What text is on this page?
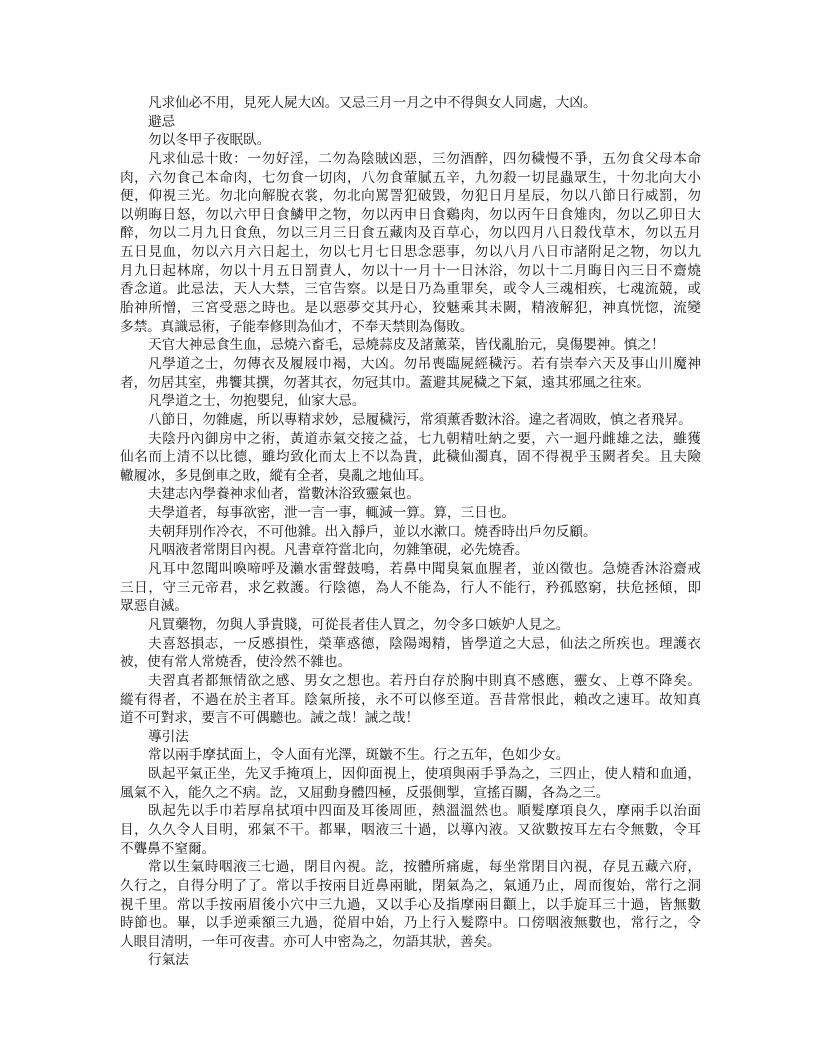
凡求仙必不用，見死人屍大凶。又忌三月一月之中不得與女人同處，大凶。
避忌
勿以冬甲子夜眠臥。
凡求仙忌十敗：一勿好淫，二勿為陰賊凶惡，三勿酒醉，四勿穢慢不爭，五勿食父母本命
肉，六勿食己本命肉，七勿食一切肉，八勿食葷膩五辛，九勿殺一切昆蟲眾生，十勿北向大小
便，仰視三光。勿北向解脫衣裳，勿北向罵詈犯破毀，勿犯日月星辰，勿以八節日行威罰，勿
以朔晦日怒，勿以六甲日食鱗甲之物，勿以丙申日食鷄肉，勿以丙午日食雉肉，勿以乙卯日大
醉，勿以二月九日食魚，勿以三月三日食五藏肉及百草心，勿以四月八日殺伐草木，勿以五月
五日見血，勿以六月六日起土，勿以七月七日思念惡事，勿以八月八日市諸附足之物，勿以九
月九日起林席，勿以十月五日罰責人，勿以十一月十一日沐浴，勿以十二月晦日內三日不齋燒
香念道。此忌法，天人大禁，三官告察。以是日乃為重罪矣，或令人三魂相疾，七魂流競，或
胎神所憎，三宮受惡之時也。是以惡夢交其丹心，狡魅乘其未闕，精液解犯，神真恍惚，流變
多禁。真識忌術，子能奉修則為仙才，不奉天禁則為傷敗。
天官大神忌食生血，忌燒六畜毛，忌燒蒜皮及諸薰菜，皆伐亂胎元，臭傷嬰神。慎之！
凡學道之士，勿傳衣及履屐巾褐，大凶。勿吊喪臨屍經穢污。若有崇奉六天及事山川魔神
者，勿居其室，弗饗其撰，勿著其衣，勿冠其巾。蓋避其屍穢之下氣，遠其邪風之往來。
凡學道之士，勿抱嬰兒，仙家大忌。
八節日，勿雜處，所以專精求妙，忌履穢污，常須薰香數沐浴。違之者凋敗，慎之者飛昇。
夫陰丹內御房中之術，黃道赤氣交接之益，七九朝精吐納之要，六一迴丹雌雄之法，雖獲
仙名而上清不以比德，雖均致化而太上不以為貴，此穢仙濁真，固不得視乎玉闕者矣。且夫險
轍履冰，多見倒車之敗，縱有全者，臭亂之地仙耳。
夫建志內學養神求仙者，當數沐浴致靈氣也。
夫學道者，每事欲密，泄一言一事，輒減一算。算，三日也。
夫朝拜別作冷衣，不可他雜。出入靜戶，並以水漱口。燒香時出戶勿反顧。
凡咽液者常閉目內視。凡書章符當北向，勿雜筆硯，必先燒香。
凡耳中忽聞叫喚啼呼及瀨水雷聲鼓鳴，若鼻中聞臭氣血腥者，並凶徵也。急燒香沐浴齋戒
三日，守三元帝君，求乞救護。行陰德，為人不能為，行人不能行，矜孤愍窮，扶危拯傾，即
眾惡自滅。
凡買藥物，勿與人爭貴賤，可從長者佳人買之，勿令多口嫉妒人見之。
夫喜怒損志，一反慼損性，榮華惑德，陰陽竭精，皆學道之大忌，仙法之所疾也。理護衣
被，使有常人常燒香，使泠然不雜也。
夫習真者都無情欲之感、男女之想也。若丹白存於胸中則真不感應，靈女、上尊不降矣。
縱有得者，不過在於主者耳。陰氣所接，永不可以修至道。吾昔常恨此，賴改之速耳。故知真
道不可對求，要言不可偶聽也。誡之哉！誡之哉！
導引法
常以兩手摩拭面上，令人面有光澤，斑皺不生。行之五年，色如少女。
臥起平氣正坐，先叉手掩項上，因仰面視上，使項與兩手爭為之，三四止，使人精和血通，
風氣不入，能久之不病。訖，又屈動身體四極，反張側掣，宣搖百關，各為之三。
臥起先以手巾若厚帛拭項中四面及耳後周匝，熱溫溫然也。順髮摩項良久，摩兩手以治面
目，久久令人目明，邪氣不干。都畢，咽液三十過，以導內液。又欲數按耳左右令無數，令耳
不聾鼻不窒爾。
常以生氣時咽液三七過，閉目內視。訖，按體所痛處，每坐常閉目內視，存見五藏六府，
久行之，自得分明了了。常以手按兩目近鼻兩眦，閉氣為之，氣通乃止，周而復始，常行之洞
視千里。常以手按兩眉後小穴中三九過，又以手心及指摩兩目顴上，以手旋耳三十過，皆無數
時節也。畢，以手逆乘額三九過，從眉中始，乃上行入髮際中。口傍咽液無數也，常行之，令
人眼目清明，一年可夜書。亦可人中密為之，勿語其狀，善矣。
行氣法
